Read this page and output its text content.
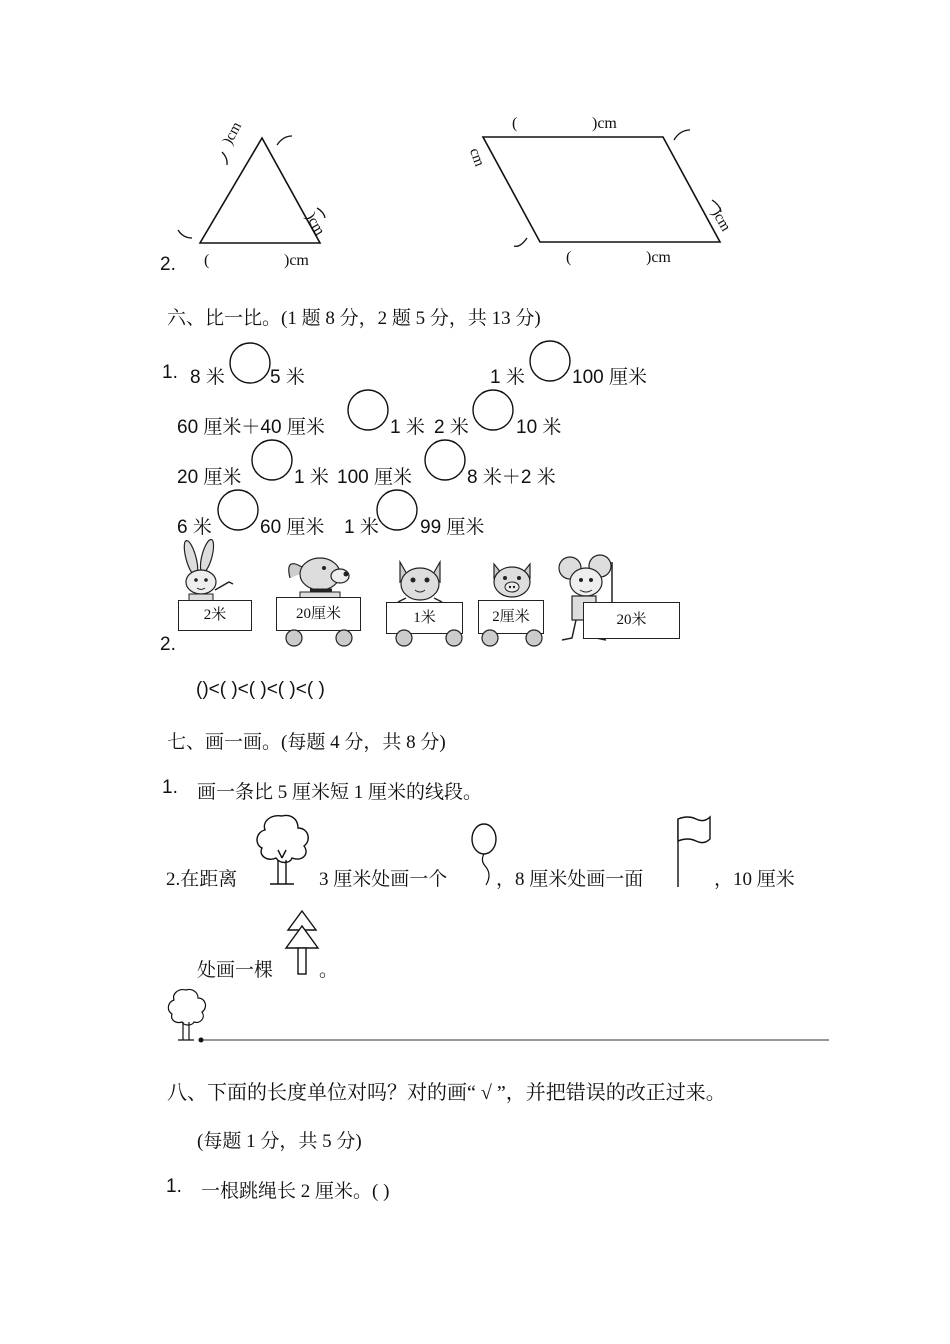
)cm
)cm
2. (	)cm
(	)cm
cm
)cm
(	)cm
六、比一比。(1 题 8 分，2 题 5 分，共 13 分)
1. 8 米 5 米	1 米 100 厘米
60 厘米＋40 厘米	1 米 2 米 10 米
20 厘米	1 米 100 厘米	8 米＋2 米
6 米	60 厘米 1 米 99 厘米
2.
2米	20厘米	1米	2厘米	20米
()<( )<( )<( )<( )
七、画一画。(每题 4 分，共 8 分)
1. 画一条比 5 厘米短 1 厘米的线段。
2.在距离	3 厘米处画一个	，8 厘米处画一面	，10 厘米
处画一棵 。
八、下面的长度单位对吗？对的画“ √ ”，并把错误的改正过来。
(每题 1 分，共 5 分)
1. 一根跳绳长 2 厘米。( )
